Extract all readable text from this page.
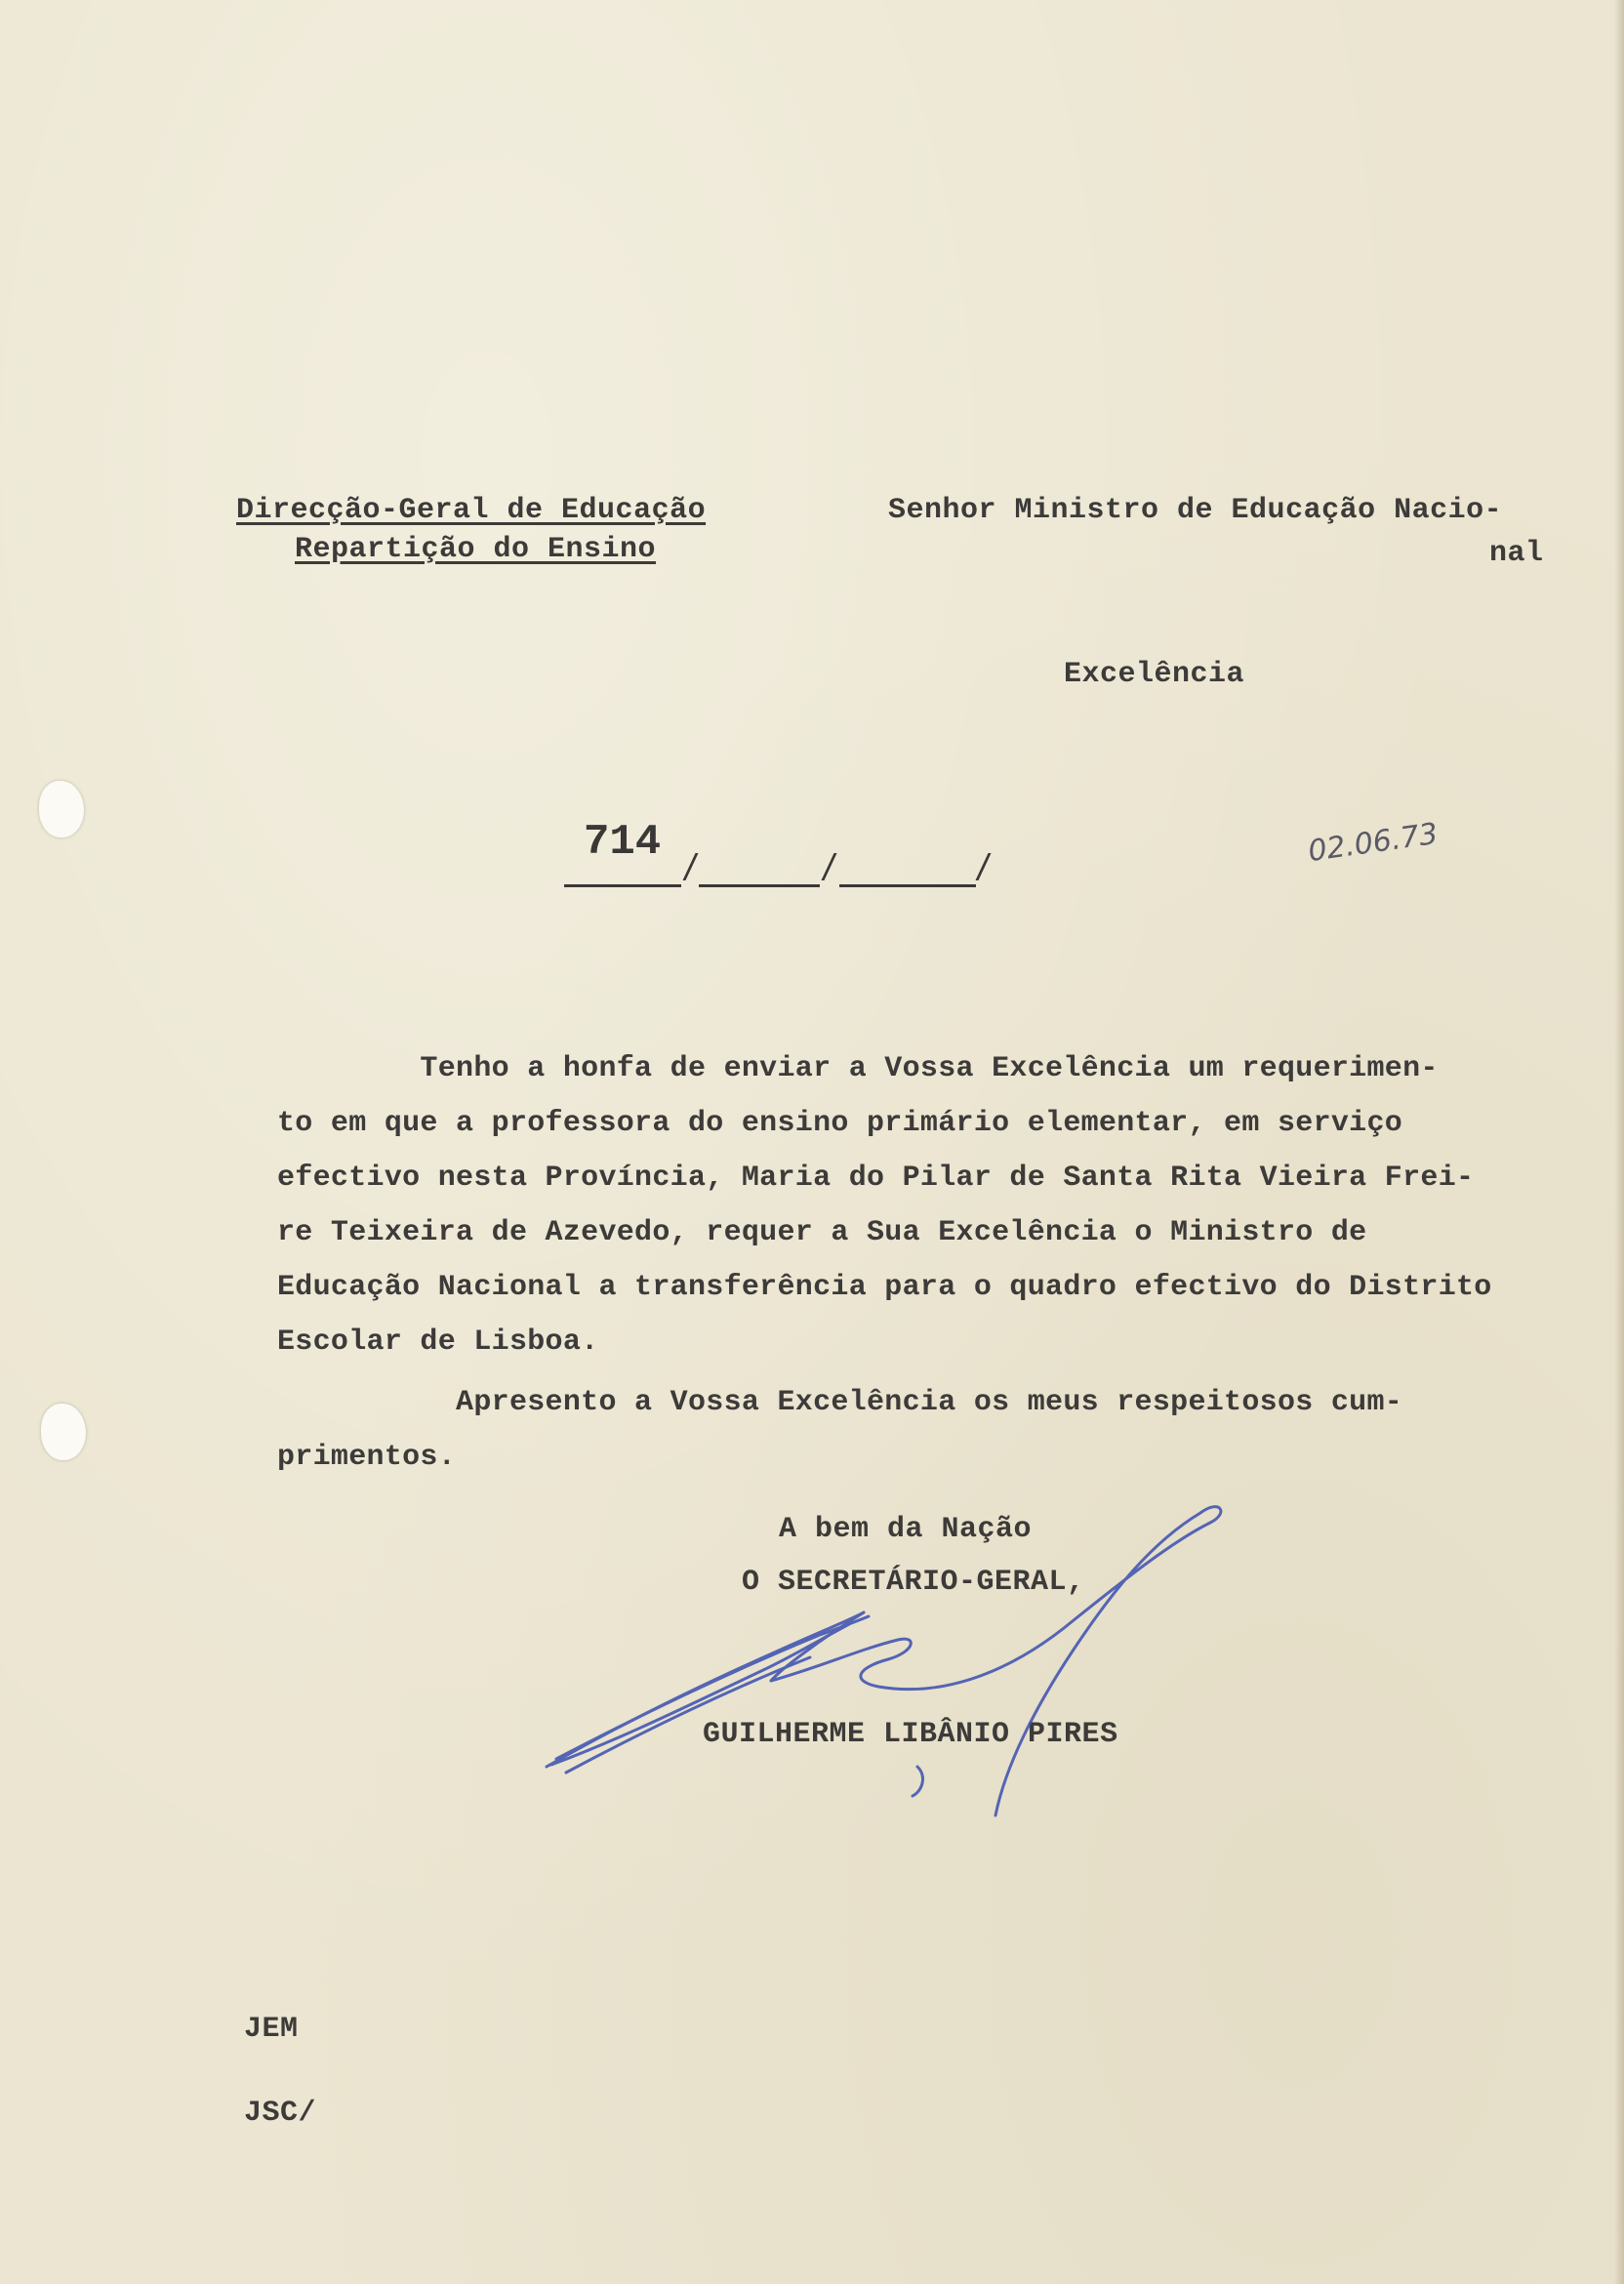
Direcção-Geral de Educação
Repartição do Ensino
Senhor Ministro de Educação Nacio-
nal
Excelência
714	02.06.73
Tenho a honfa de enviar a Vossa Excelência um requerimen-
to em que a professora do ensino primário elementar, em serviço
efectivo nesta Província, Maria do Pilar de Santa Rita Vieira Frei-
re Teixeira de Azevedo, requer a Sua Excelência o Ministro de
Educação Nacional a transferência para o quadro efectivo do Distrito
Escolar de Lisboa.
Apresento a Vossa Excelência os meus respeitosos cum-
primentos.
A bem da Nação
O SECRETÁRIO-GERAL,
GUILHERME LIBÂNIO PIRES
JEM
JSC/
